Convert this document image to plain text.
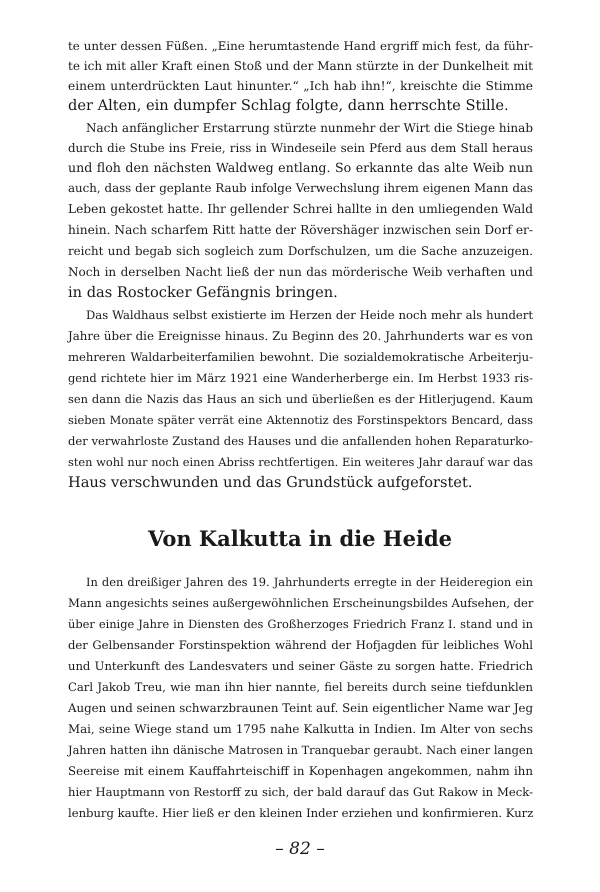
te unter dessen Füßen. „Eine herumtastende Hand ergriff mich fest, da führ-
te ich mit aller Kraft einen Stoß und der Mann stürzte in der Dunkelheit mit
einem unterdrückten Laut hinunter.“ „Ich hab ihn!“, kreischte die Stimme
der Alten, ein dumpfer Schlag folgte, dann herrschte Stille.
Nach anfänglicher Erstarrung stürzte nunmehr der Wirt die Stiege hinab
durch die Stube ins Freie, riss in Windeseile sein Pferd aus dem Stall heraus
und floh den nächsten Waldweg entlang. So erkannte das alte Weib nun
auch, dass der geplante Raub infolge Verwechslung ihrem eigenen Mann das
Leben gekostet hatte. Ihr gellender Schrei hallte in den umliegenden Wald
hinein. Nach scharfem Ritt hatte der Rövershäger inzwischen sein Dorf er-
reicht und begab sich sogleich zum Dorfschulzen, um die Sache anzuzeigen.
Noch in derselben Nacht ließ der nun das mörderische Weib verhaften und
in das Rostocker Gefängnis bringen.
Das Waldhaus selbst existierte im Herzen der Heide noch mehr als hundert
Jahre über die Ereignisse hinaus. Zu Beginn des 20. Jahrhunderts war es von
mehreren Waldarbeiterfamilien bewohnt. Die sozialdemokratische Arbeiterju-
gend richtete hier im März 1921 eine Wanderherberge ein. Im Herbst 1933 ris-
sen dann die Nazis das Haus an sich und überließen es der Hitlerjugend. Kaum
sieben Monate später verrät eine Aktennotiz des Forstinspektors Bencard, dass
der verwahrloste Zustand des Hauses und die anfallenden hohen Reparaturko-
sten wohl nur noch einen Abriss rechtfertigen. Ein weiteres Jahr darauf war das
Haus verschwunden und das Grundstück aufgeforstet.
Von Kalkutta in die Heide
In den dreißiger Jahren des 19. Jahrhunderts erregte in der Heideregion ein
Mann angesichts seines außergewöhnlichen Erscheinungsbildes Aufsehen, der
über einige Jahre in Diensten des Großherzoges Friedrich Franz I. stand und in
der Gelbensander Forstinspektion während der Hofjagden für leibliches Wohl
und Unterkunft des Landesvaters und seiner Gäste zu sorgen hatte. Friedrich
Carl Jakob Treu, wie man ihn hier nannte, fiel bereits durch seine tiefdunklen
Augen und seinen schwarzbraunen Teint auf. Sein eigentlicher Name war Jeg
Mai, seine Wiege stand um 1795 nahe Kalkutta in Indien. Im Alter von sechs
Jahren hatten ihn dänische Matrosen in Tranquebar geraubt. Nach einer langen
Seereise mit einem Kauffahrteischiff in Kopenhagen angekommen, nahm ihn
hier Hauptmann von Restorff zu sich, der bald darauf das Gut Rakow in Meck-
lenburg kaufte. Hier ließ er den kleinen Inder erziehen und konfirmieren. Kurz
– 82 –
